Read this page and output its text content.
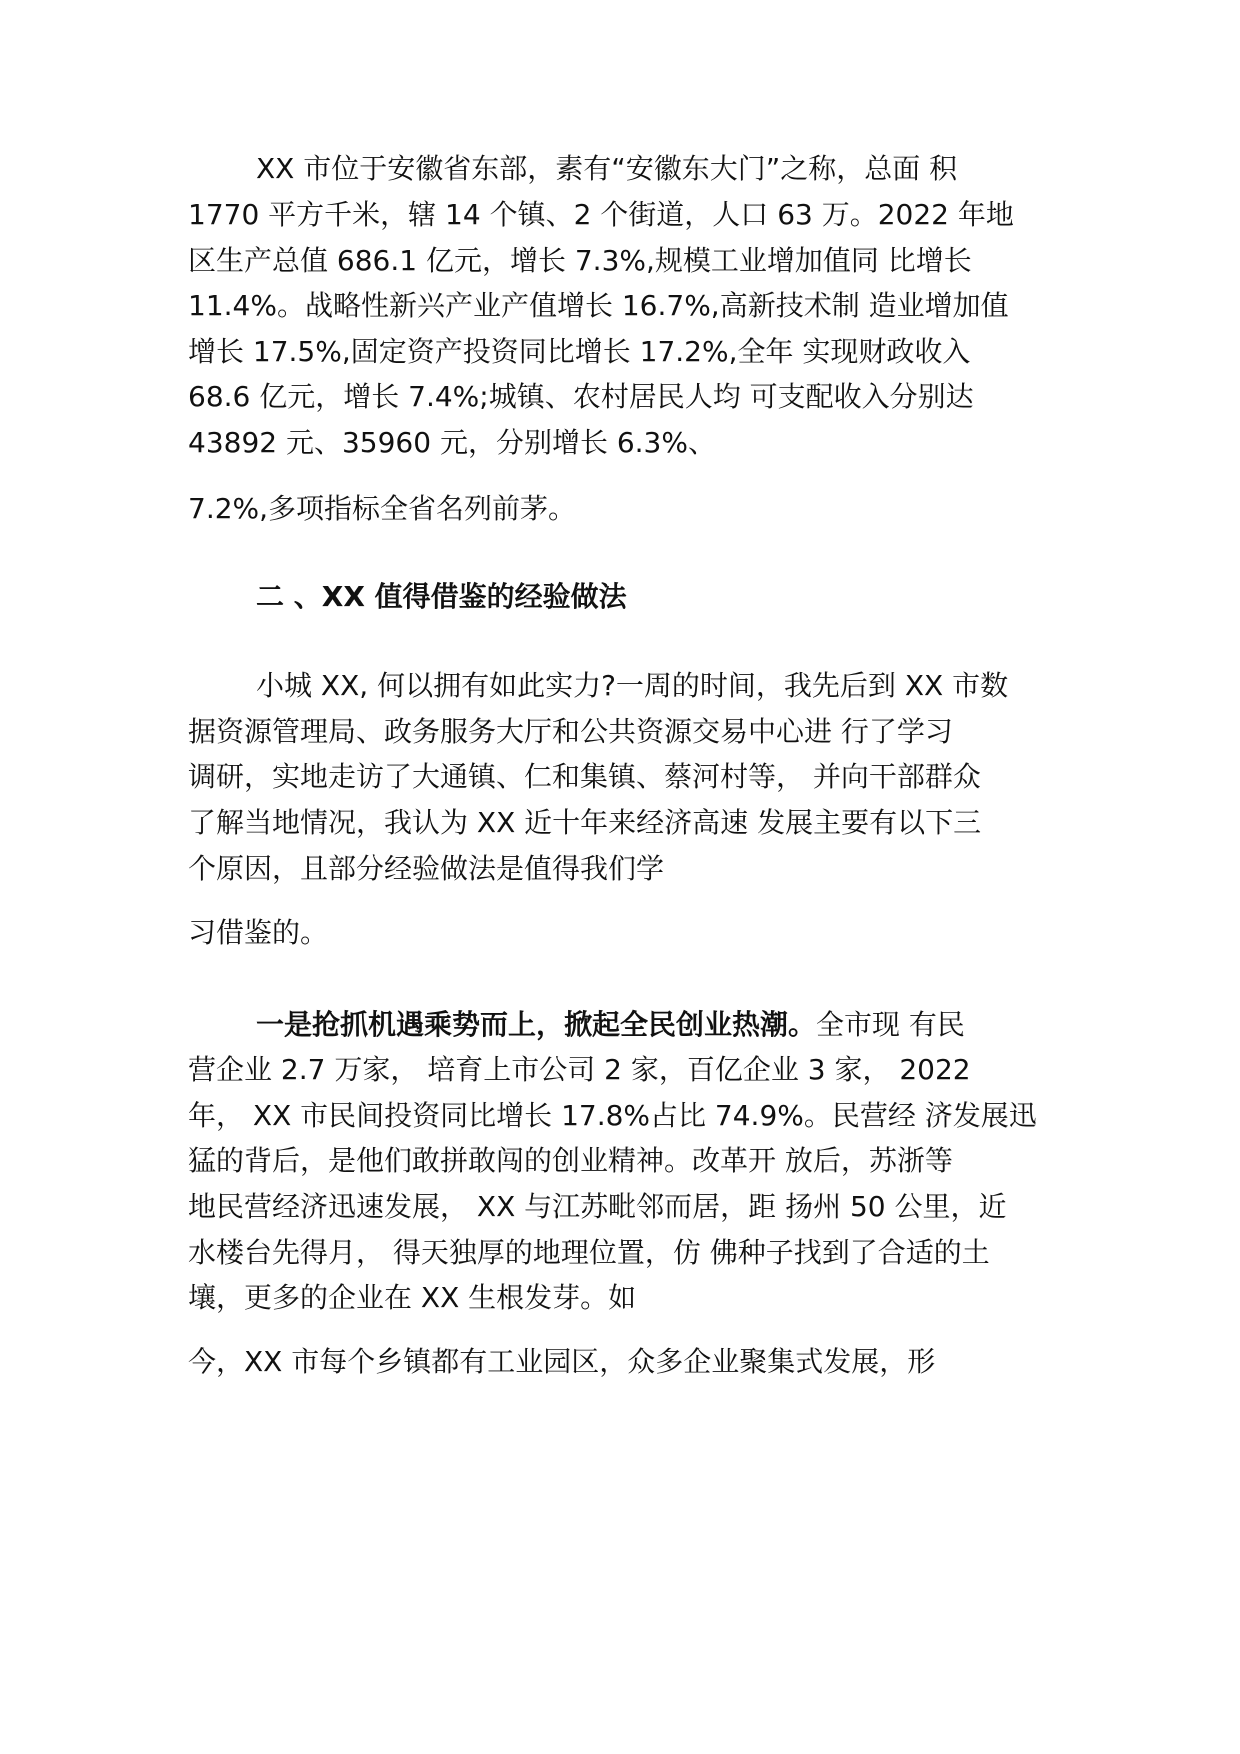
XX 市位于安徽省东部，素有“安徽东大门”之称，总面 积
1770 平方千米，辖 14 个镇、2 个街道，人口 63 万。2022 年地
区生产总值 686.1 亿元，增长 7.3%,规模工业增加值同 比增长
11.4%。战略性新兴产业产值增长 16.7%,高新技术制 造业增加值
增长 17.5%,固定资产投资同比增长 17.2%,全年 实现财政收入
68.6 亿元，增长 7.4%;城镇、农村居民人均 可支配收入分别达
43892 元、35960 元，分别增长 6.3%、
7.2%,多项指标全省名列前茅。
二 、XX 值得借鉴的经验做法
小城 XX, 何以拥有如此实力?一周的时间，我先后到 XX 市数
据资源管理局、政务服务大厅和公共资源交易中心进 行了学习
调研，实地走访了大通镇、仁和集镇、蔡河村等， 并向干部群众
了解当地情况，我认为 XX 近十年来经济高速 发展主要有以下三
个原因，且部分经验做法是值得我们学
习借鉴的。
一是抢抓机遇乘势而上，掀起全民创业热潮。全市现 有民
营企业 2.7 万家， 培育上市公司 2 家，百亿企业 3 家， 2022
年， XX 市民间投资同比增长 17.8%占比 74.9%。民营经 济发展迅
猛的背后，是他们敢拼敢闯的创业精神。改革开 放后，苏浙等
地民营经济迅速发展， XX 与江苏毗邻而居，距 扬州 50 公里，近
水楼台先得月， 得天独厚的地理位置，仿 佛种子找到了合适的土
壤，更多的企业在 XX 生根发芽。如
今，XX 市每个乡镇都有工业园区，众多企业聚集式发展，形
